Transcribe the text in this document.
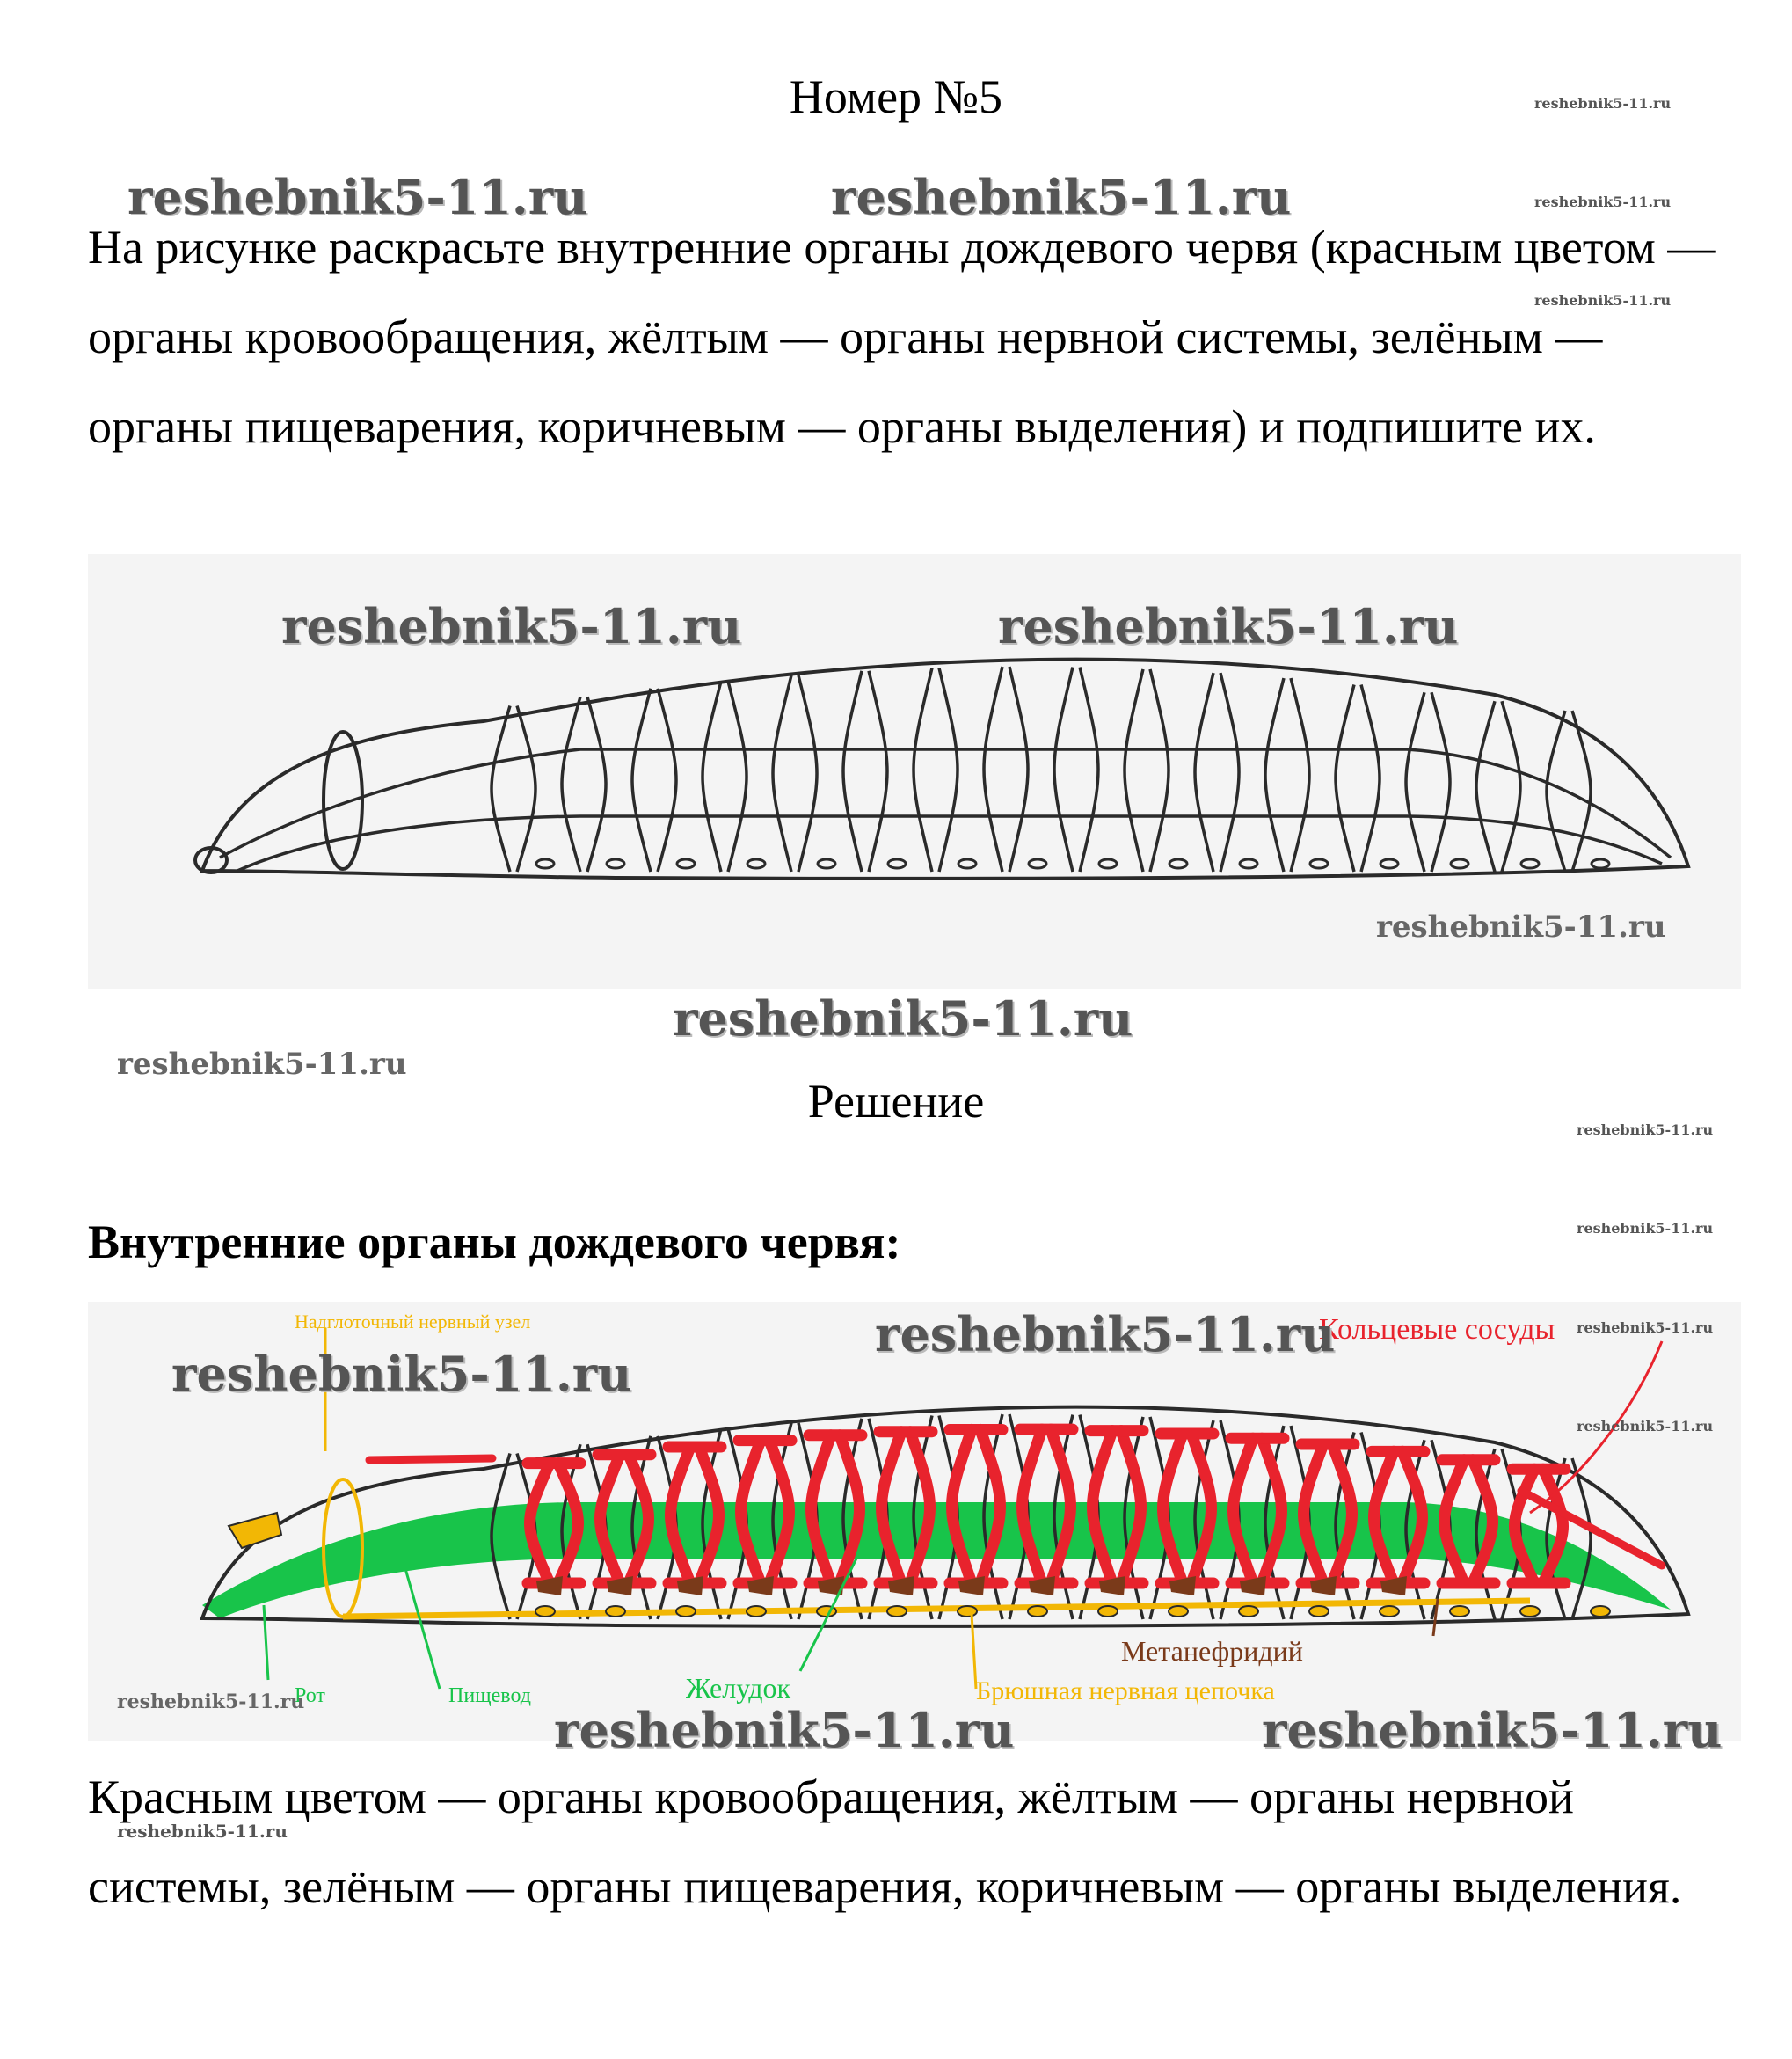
Номер №5	reshebnik5-11.ru
reshebnik5-11.ru
reshebnik5-11.ru

На рисунке раскрасьте внутренние органы дождевого червя (красным цветом — органы кровообращения, жёлтым — органы нервной системы, зелёным — органы пищеварения, коричневым — органы выделения) и подпишите их.

reshebnik5-11.ru	reshebnik5-11.ru
reshebnik5-11.ru	reshebnik5-11.ru
reshebnik5-11.ru
reshebnik5-11.ru
reshebnik5-11.ru
Решение
reshebnik5-11.ru
Внутренние органы дождевого червя:	reshebnik5-11.ru
Надглоточный нервный узел	Кольцевые сосуды
Метанефридий
Рот	Пищевод	Желудок	Брюшная нервная цепочка
reshebnik5-11.ru
reshebnik5-11.ru
reshebnik5-11.ru
reshebnik5-11.ru
reshebnik5-11.ru	reshebnik5-11.ru	reshebnik5-11.ru

Красным цветом — органы кровообращения, жёлтым — органы нервной системы, зелёным — органы пищеварения, коричневым — органы выделения.

reshebnik5-11.ru
